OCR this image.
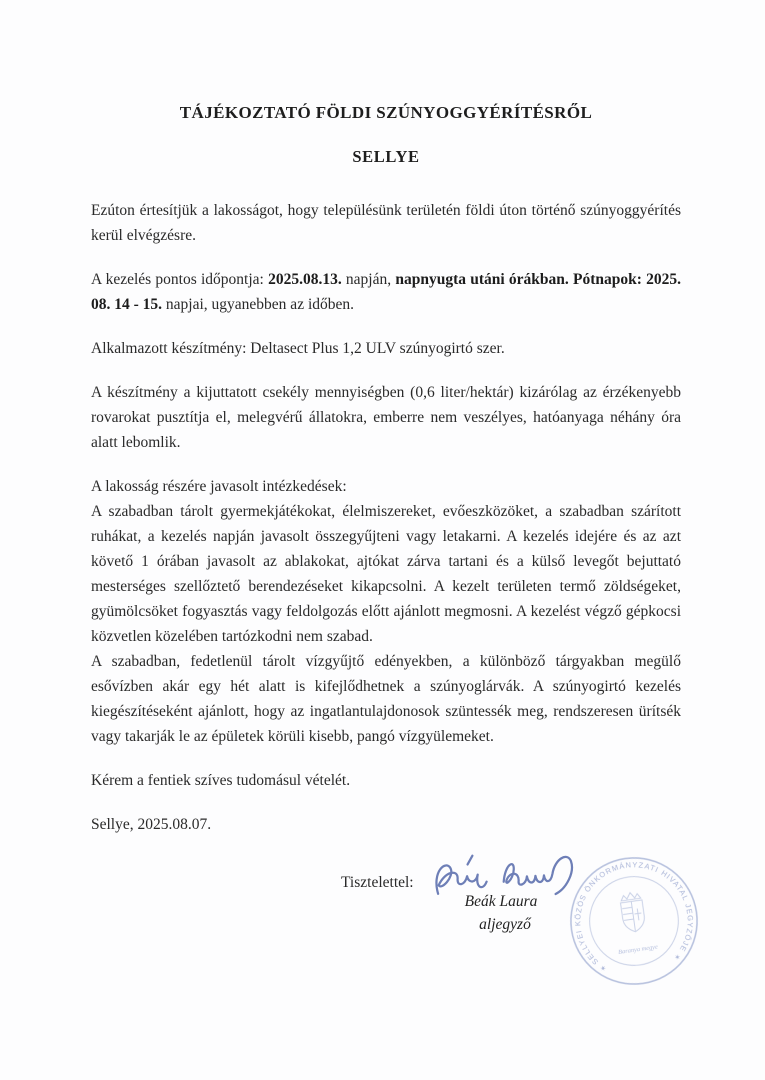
TÁJÉKOZTATÓ FÖLDI SZÚNYOGGYÉRÍTÉSRŐL
SELLYE

Ezúton értesítjük a lakosságot, hogy településünk területén földi úton történő szúnyoggyérítés kerül elvégzésre.

A kezelés pontos időpontja: 2025.08.13. napján, napnyugta utáni órákban. Pótnapok: 2025. 08. 14 - 15. napjai, ugyanebben az időben.

Alkalmazott készítmény: Deltasect Plus 1,2 ULV szúnyogirtó szer.

A készítmény a kijuttatott csekély mennyiségben (0,6 liter/hektár) kizárólag az érzékenyebb rovarokat pusztítja el, melegvérű állatokra, emberre nem veszélyes, hatóanyaga néhány óra alatt lebomlik.

A lakosság részére javasolt intézkedések:

A szabadban tárolt gyermekjátékokat, élelmiszereket, evőeszközöket, a szabadban szárított ruhákat, a kezelés napján javasolt összegyűjteni vagy letakarni. A kezelés idejére és az azt követő 1 órában javasolt az ablakokat, ajtókat zárva tartani és a külső levegőt bejuttató mesterséges szellőztető berendezéseket kikapcsolni. A kezelt területen termő zöldségeket, gyümölcsöket fogyasztás vagy feldolgozás előtt ajánlott megmosni. A kezelést végző gépkocsi közvetlen közelében tartózkodni nem szabad.

A szabadban, fedetlenül tárolt vízgyűjtő edényekben, a különböző tárgyakban megülő esővízben akár egy hét alatt is kifejlődhetnek a szúnyoglárvák. A szúnyogirtó kezelés kiegészítéseként ajánlott, hogy az ingatlantulajdonosok szüntessék meg, rendszeresen ürítsék vagy takarják le az épületek körüli kisebb, pangó vízgyülemeket.

Kérem a fentiek szíves tudomásul vételét.

Sellye, 2025.08.07.

Tisztelettel:
Beák Laura
aljegyző
✶ SELLYEI KÖZÖS ÖNKORMÁNYZATI HIVATAL JEGYZŐJE ✶
Baranya megye
